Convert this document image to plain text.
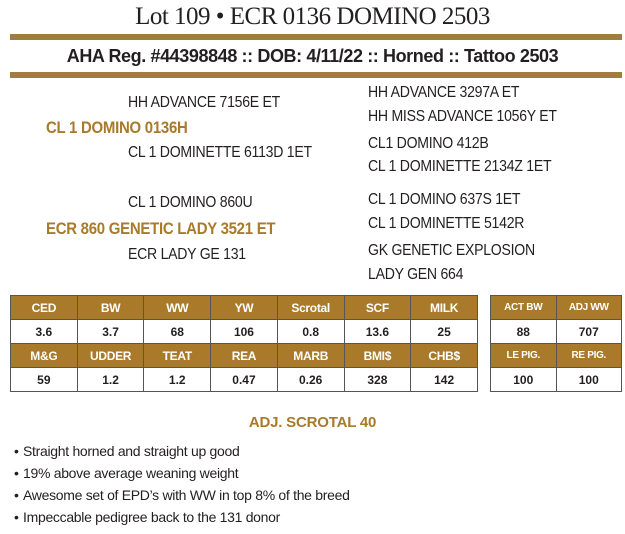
Lot 109 • ECR 0136 DOMINO 2503
AHA Reg. #44398848 :: DOB: 4/11/22 :: Horned :: Tattoo 2503
HH ADVANCE 7156E ET
CL 1 DOMINO 0136H
CL 1 DOMINETTE 6113D 1ET
HH ADVANCE 3297A ET
HH MISS ADVANCE 1056Y ET
CL1 DOMINO 412B
CL 1 DOMINETTE 2134Z 1ET
CL 1 DOMINO 860U
ECR 860 GENETIC LADY 3521 ET
ECR LADY GE 131
CL 1 DOMINO 637S 1ET
CL 1 DOMINETTE 5142R
GK GENETIC EXPLOSION
LADY GEN 664
CED	BW	WW	YW	Scrotal	SCF	MILK
3.6	3.7	68	106	0.8	13.6	25
M&G	UDDER	TEAT	REA	MARB	BMI$	CHB$
59	1.2	1.2	0.47	0.26	328	142
ACT BW	ADJ WW
88	707
LE PIG.	RE PIG.
100	100
ADJ. SCROTAL 40
• Straight horned and straight up good
• 19% above average weaning weight
• Awesome set of EPD’s with WW in top 8% of the breed
• Impeccable pedigree back to the 131 donor
